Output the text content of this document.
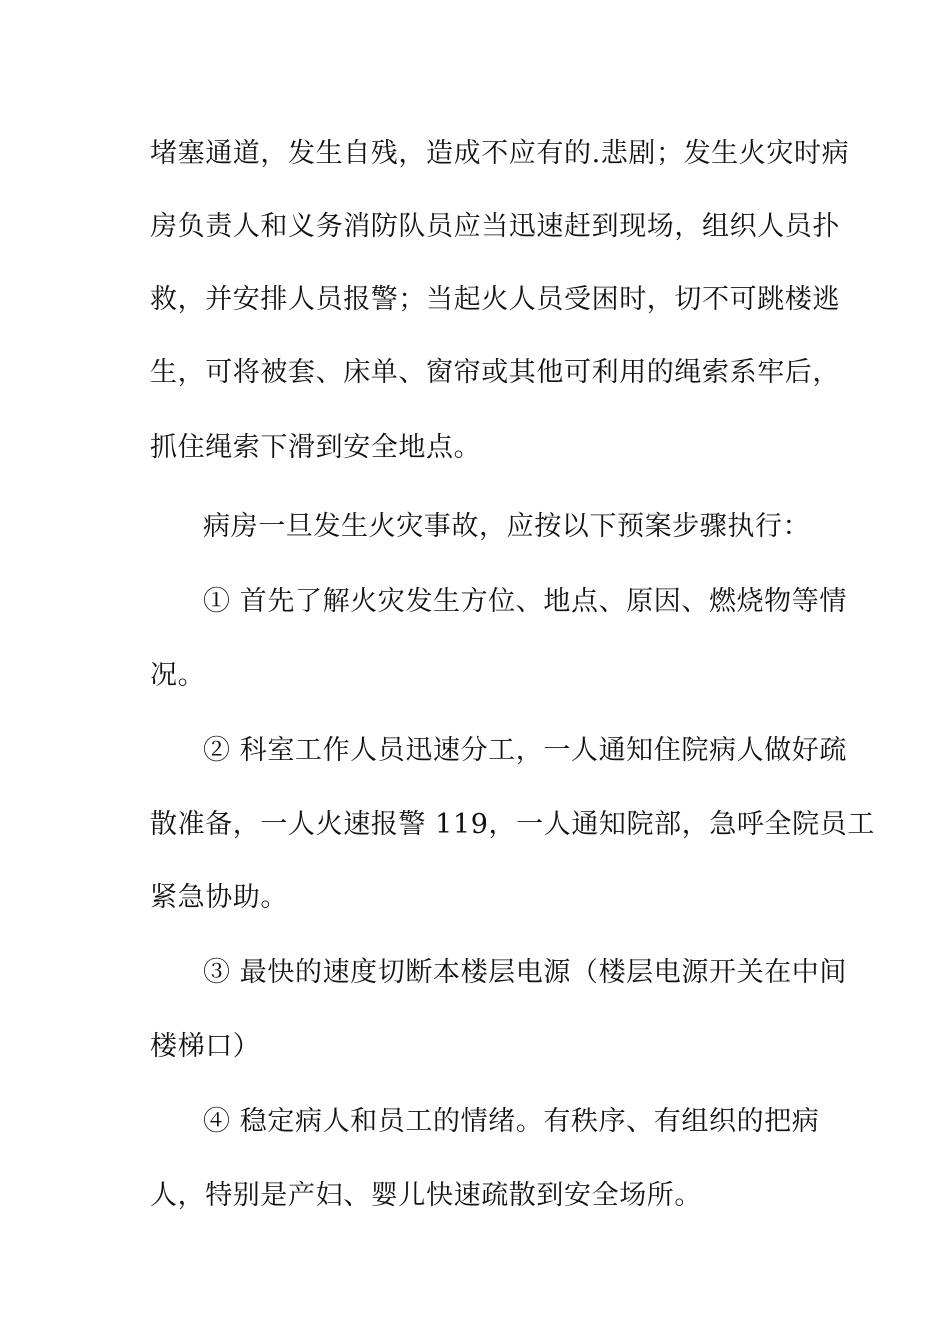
堵塞通道，发生自残，造成不应有的.悲剧；发生火灾时病
房负责人和义务消防队员应当迅速赶到现场，组织人员扑
救，并安排人员报警；当起火人员受困时，切不可跳楼逃
生，可将被套、床单、窗帘或其他可利用的绳索系牢后，
抓住绳索下滑到安全地点。
病房一旦发生火灾事故，应按以下预案步骤执行：
① 首先了解火灾发生方位、地点、原因、燃烧物等情
况。
② 科室工作人员迅速分工，一人通知住院病人做好疏
散准备，一人火速报警 119，一人通知院部，急呼全院员工
紧急协助。
③ 最快的速度切断本楼层电源（楼层电源开关在中间
楼梯口）
④ 稳定病人和员工的情绪。有秩序、有组织的把病
人，特别是产妇、婴儿快速疏散到安全场所。
